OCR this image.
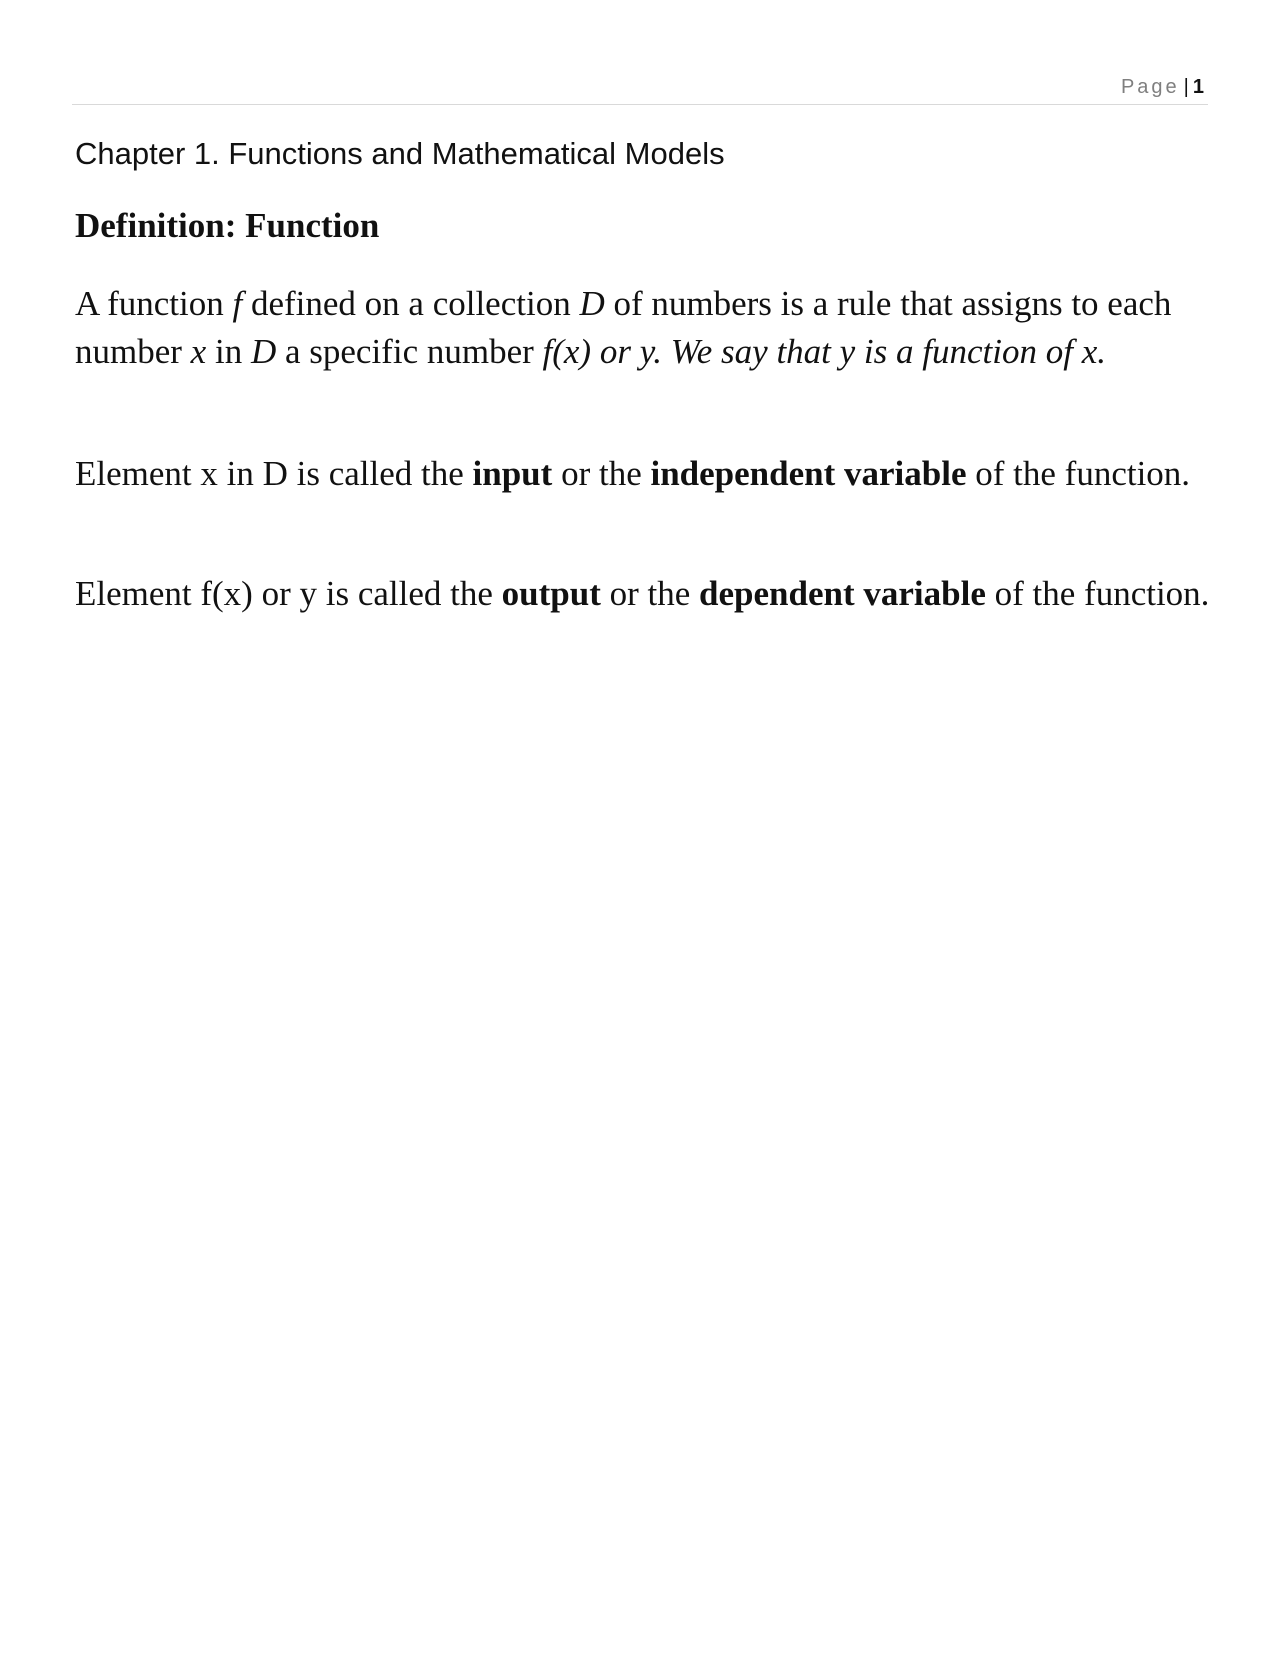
Page | 1
Chapter 1. Functions and Mathematical Models
Definition: Function

A function f defined on a collection D of numbers is a rule that assigns to each number x in D a specific number f(x) or y. We say that y is a function of x.

Element x in D is called the input or the independent variable of the function.

Element f(x) or y is called the output or the dependent variable of the function.
